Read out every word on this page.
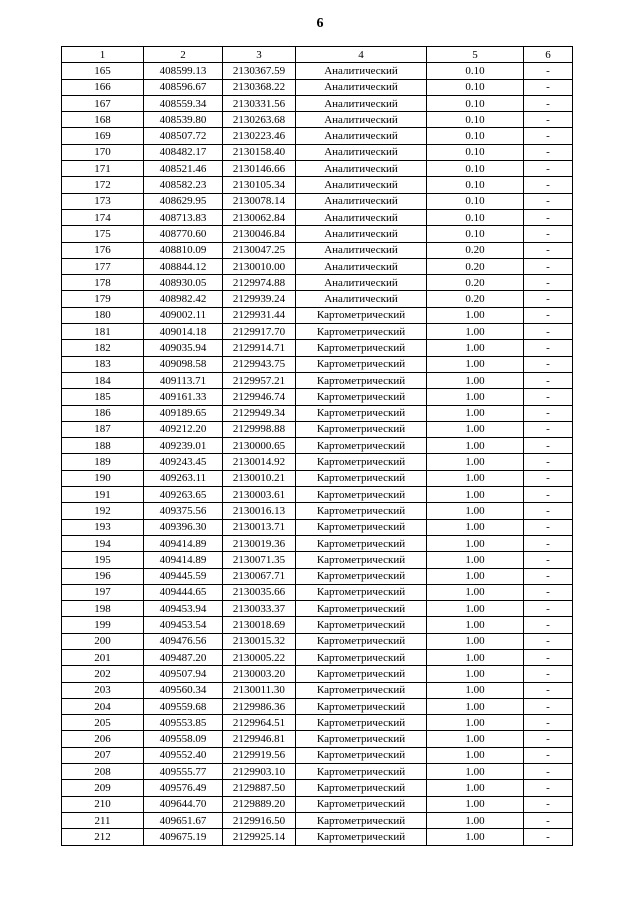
6
1	2	3	4	5	6
165	408599.13	2130367.59	Аналитический	0.10	-
166	408596.67	2130368.22	Аналитический	0.10	-
167	408559.34	2130331.56	Аналитический	0.10	-
168	408539.80	2130263.68	Аналитический	0.10	-
169	408507.72	2130223.46	Аналитический	0.10	-
170	408482.17	2130158.40	Аналитический	0.10	-
171	408521.46	2130146.66	Аналитический	0.10	-
172	408582.23	2130105.34	Аналитический	0.10	-
173	408629.95	2130078.14	Аналитический	0.10	-
174	408713.83	2130062.84	Аналитический	0.10	-
175	408770.60	2130046.84	Аналитический	0.10	-
176	408810.09	2130047.25	Аналитический	0.20	-
177	408844.12	2130010.00	Аналитический	0.20	-
178	408930.05	2129974.88	Аналитический	0.20	-
179	408982.42	2129939.24	Аналитический	0.20	-
180	409002.11	2129931.44	Картометрический	1.00	-
181	409014.18	2129917.70	Картометрический	1.00	-
182	409035.94	2129914.71	Картометрический	1.00	-
183	409098.58	2129943.75	Картометрический	1.00	-
184	409113.71	2129957.21	Картометрический	1.00	-
185	409161.33	2129946.74	Картометрический	1.00	-
186	409189.65	2129949.34	Картометрический	1.00	-
187	409212.20	2129998.88	Картометрический	1.00	-
188	409239.01	2130000.65	Картометрический	1.00	-
189	409243.45	2130014.92	Картометрический	1.00	-
190	409263.11	2130010.21	Картометрический	1.00	-
191	409263.65	2130003.61	Картометрический	1.00	-
192	409375.56	2130016.13	Картометрический	1.00	-
193	409396.30	2130013.71	Картометрический	1.00	-
194	409414.89	2130019.36	Картометрический	1.00	-
195	409414.89	2130071.35	Картометрический	1.00	-
196	409445.59	2130067.71	Картометрический	1.00	-
197	409444.65	2130035.66	Картометрический	1.00	-
198	409453.94	2130033.37	Картометрический	1.00	-
199	409453.54	2130018.69	Картометрический	1.00	-
200	409476.56	2130015.32	Картометрический	1.00	-
201	409487.20	2130005.22	Картометрический	1.00	-
202	409507.94	2130003.20	Картометрический	1.00	-
203	409560.34	2130011.30	Картометрический	1.00	-
204	409559.68	2129986.36	Картометрический	1.00	-
205	409553.85	2129964.51	Картометрический	1.00	-
206	409558.09	2129946.81	Картометрический	1.00	-
207	409552.40	2129919.56	Картометрический	1.00	-
208	409555.77	2129903.10	Картометрический	1.00	-
209	409576.49	2129887.50	Картометрический	1.00	-
210	409644.70	2129889.20	Картометрический	1.00	-
211	409651.67	2129916.50	Картометрический	1.00	-
212	409675.19	2129925.14	Картометрический	1.00	-
